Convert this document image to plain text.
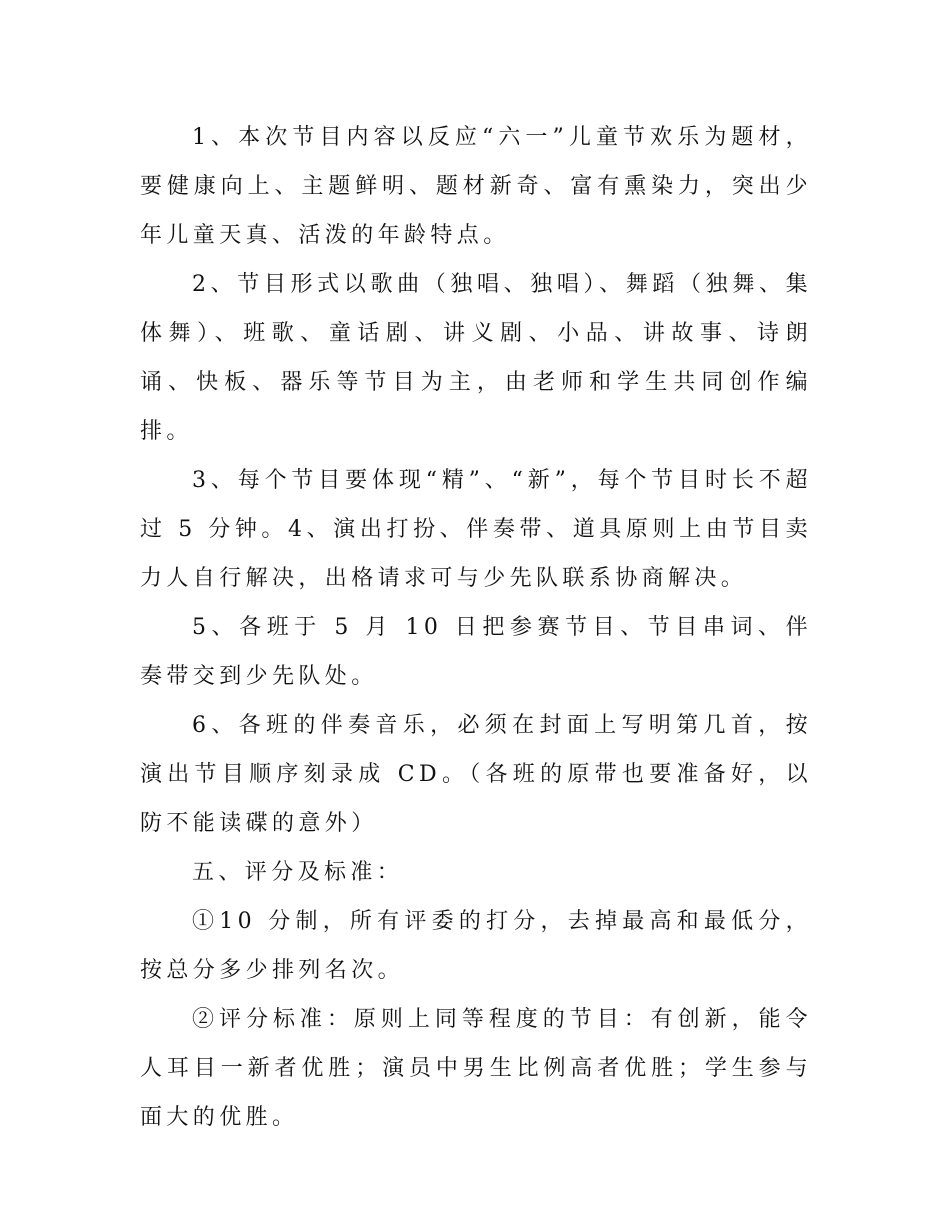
1、本次节目内容以反应“六一”儿童节欢乐为题材，要健康向上、主题鲜明、题材新奇、富有熏染力，突出少年儿童天真、活泼的年龄特点。

2、节目形式以歌曲（独唱、独唱）、舞蹈（独舞、集体舞）、班歌、童话剧、讲义剧、小品、讲故事、诗朗诵、快板、器乐等节目为主，由老师和学生共同创作编排。

3、每个节目要体现“精”、“新”，每个节目时长不超过 5 分钟。4、演出打扮、伴奏带、道具原则上由节目卖力人自行解决，出格请求可与少先队联系协商解决。

5、各班于 5 月 10 日把参赛节目、节目串词、伴奏带交到少先队处。

6、各班的伴奏音乐，必须在封面上写明第几首，按演出节目顺序刻录成 CD。（各班的原带也要准备好，以防不能读碟的意外）

五、评分及标准：

①10 分制，所有评委的打分，去掉最高和最低分，按总分多少排列名次。

②评分标准：原则上同等程度的节目：有创新，能令人耳目一新者优胜；演员中男生比例高者优胜；学生参与面大的优胜。
